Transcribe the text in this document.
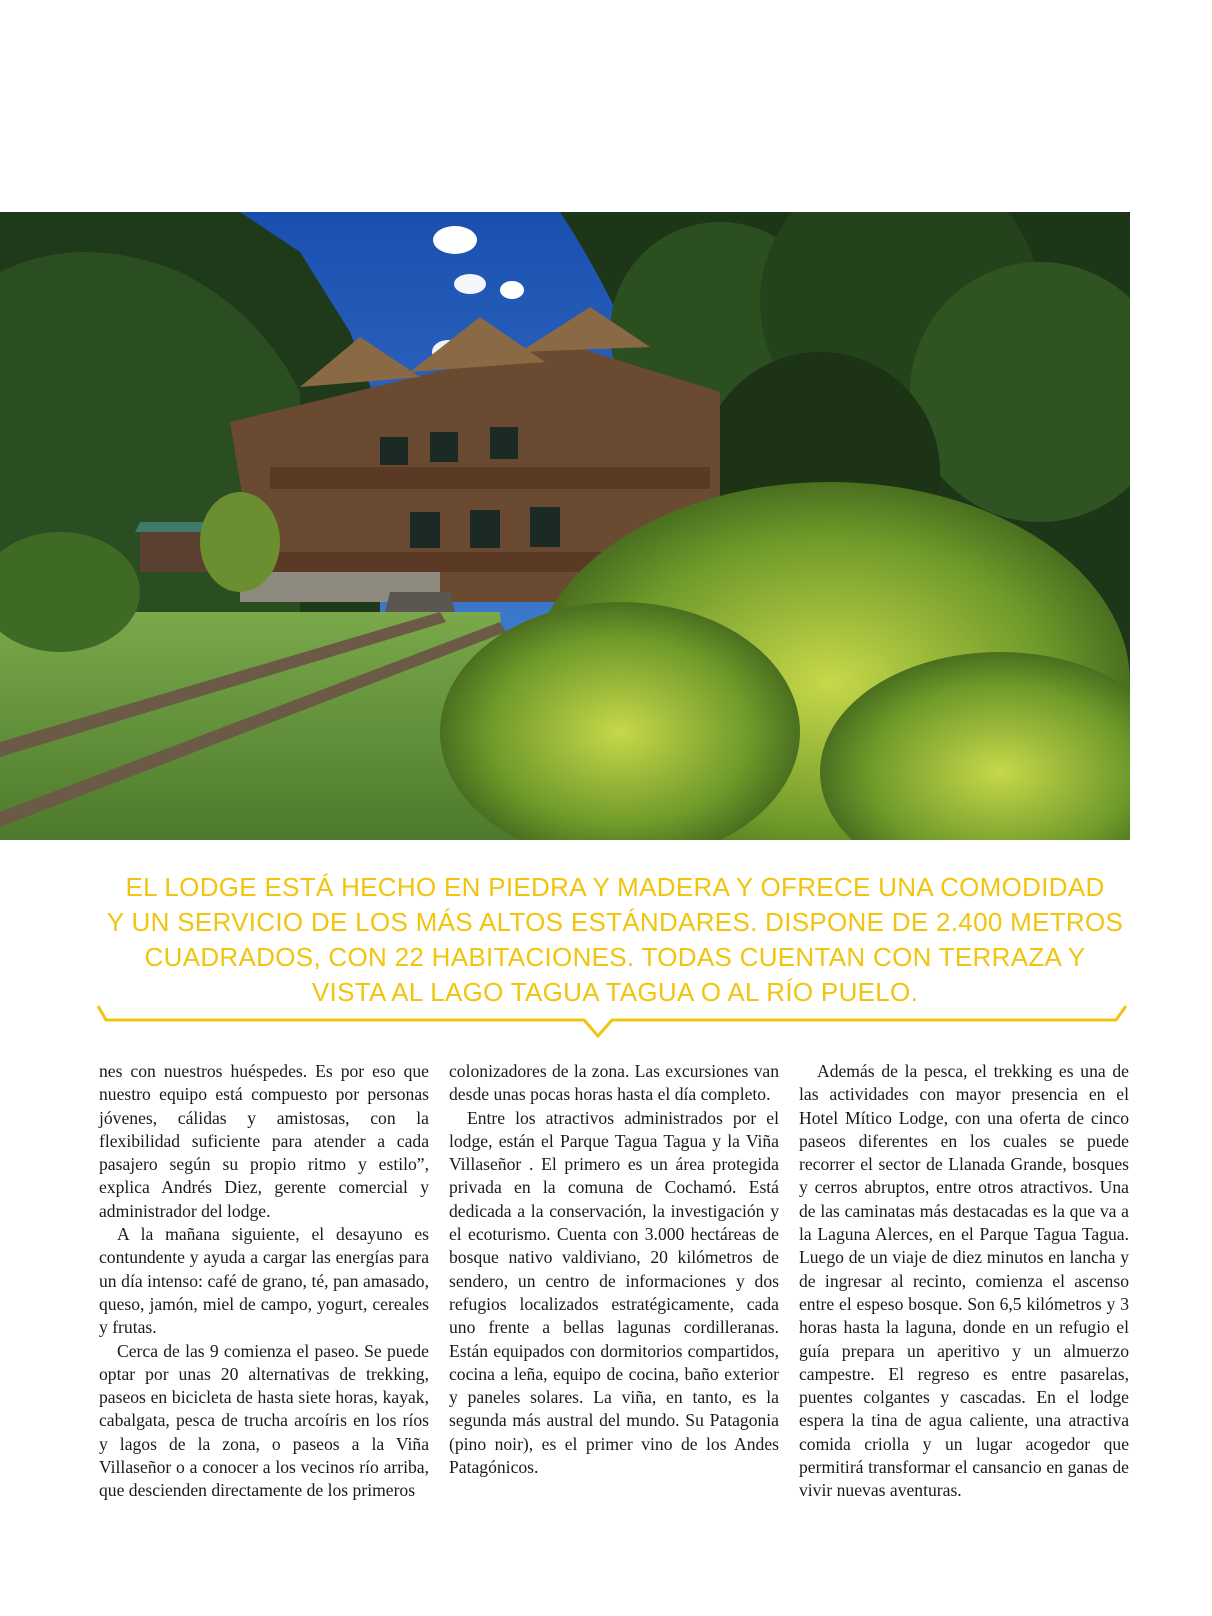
EL LODGE ESTÁ HECHO EN PIEDRA Y MADERA Y OFRECE UNA COMODIDAD
Y UN SERVICIO DE LOS MÁS ALTOS ESTÁNDARES. DISPONE DE 2.400 METROS
CUADRADOS, CON 22 HABITACIONES. TODAS CUENTAN CON TERRAZA Y
VISTA AL LAGO TAGUA TAGUA O AL RÍO PUELO.

nes con nuestros huéspedes. Es por eso que nuestro equipo está compuesto por personas jóvenes, cálidas y amistosas, con la flexibilidad suficiente para atender a cada pasajero según su propio ritmo y estilo”, explica Andrés Diez, gerente comercial y administrador del lodge.

A la mañana siguiente, el desayuno es contundente y ayuda a cargar las energías para un día intenso: café de grano, té, pan amasado, queso, jamón, miel de campo, yogurt, cereales y frutas.

Cerca de las 9 comienza el paseo. Se puede optar por unas 20 alternativas de trekking, paseos en bicicleta de hasta siete horas, kayak, cabalgata, pesca de trucha arcoíris en los ríos y lagos de la zona, o paseos a la Viña Villaseñor o a conocer a los vecinos río arriba, que descienden directamente de los primeros

colonizadores de la zona. Las excursiones van desde unas pocas horas hasta el día completo.

Entre los atractivos administrados por el lodge, están el Parque Tagua Tagua y la Viña Villaseñor . El primero es un área protegida privada en la comuna de Cochamó. Está dedicada a la conservación, la investigación y el ecoturismo. Cuenta con 3.000 hectáreas de bosque nativo valdiviano, 20 kilómetros de sendero, un centro de informaciones y dos refugios localizados estratégicamente, cada uno frente a bellas lagunas cordilleranas. Están equipados con dormitorios compartidos, cocina a leña, equipo de cocina, baño exterior y paneles solares. La viña, en tanto, es la segunda más austral del mundo. Su Patagonia (pino noir), es el primer vino de los Andes Patagónicos.

Además de la pesca, el trekking es una de las actividades con mayor presencia en el Hotel Mítico Lodge, con una oferta de cinco paseos diferentes en los cuales se puede recorrer el sector de Llanada Grande, bosques y cerros abruptos, entre otros atractivos. Una de las caminatas más destacadas es la que va a la Laguna Alerces, en el Parque Tagua Tagua. Luego de un viaje de diez minutos en lancha y de ingresar al recinto, comienza el ascenso entre el espeso bosque. Son 6,5 kilómetros y 3 horas hasta la laguna, donde en un refugio el guía prepara un aperitivo y un almuerzo campestre. El regreso es entre pasarelas, puentes colgantes y cascadas. En el lodge espera la tina de agua caliente, una atractiva comida criolla y un lugar acogedor que permitirá transformar el cansancio en ganas de vivir nuevas aventuras.
